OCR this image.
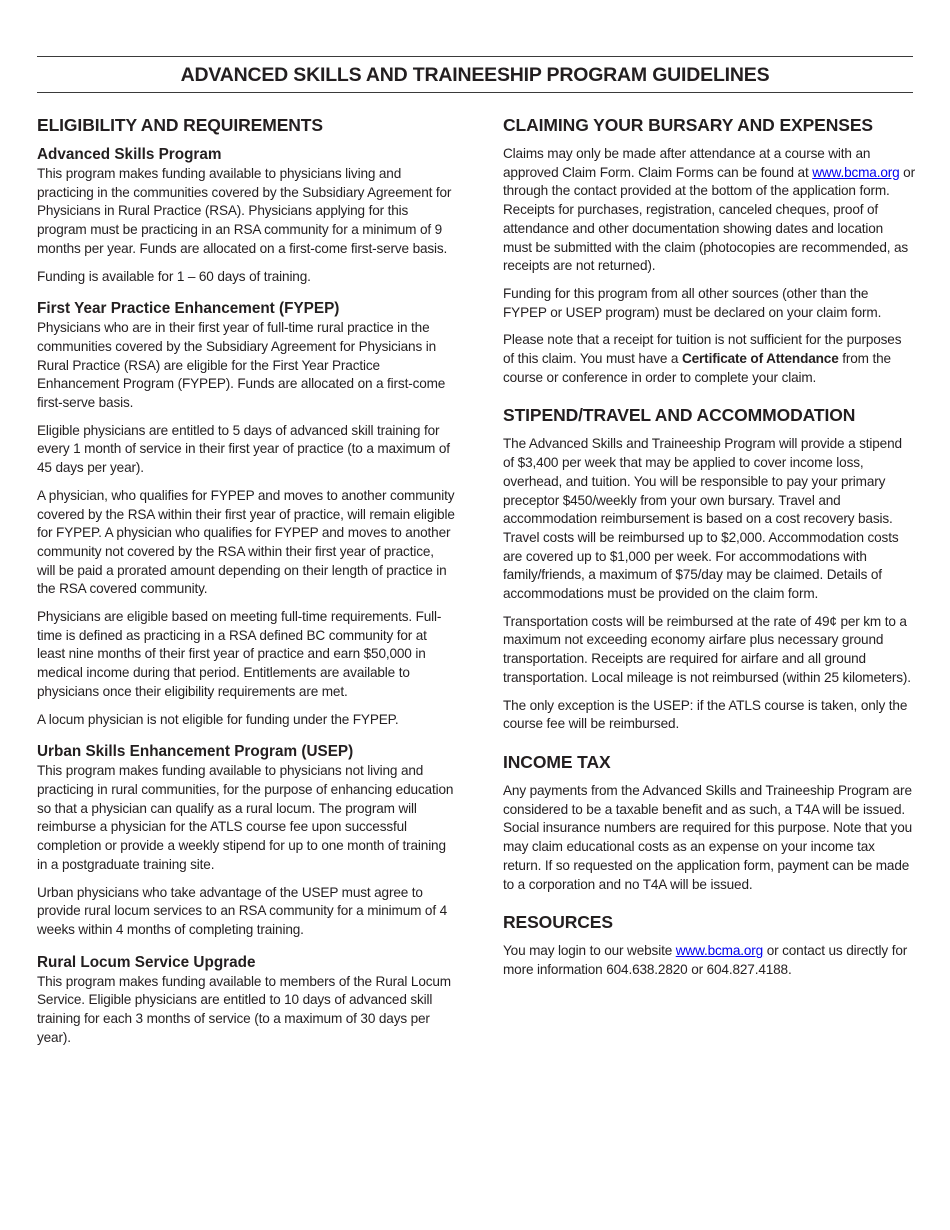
ADVANCED SKILLS AND TRAINEESHIP PROGRAM GUIDELINES
ELIGIBILITY AND REQUIREMENTS
Advanced Skills Program

This program makes funding available to physicians living and practicing in the communities covered by the Subsidiary Agreement for Physicians in Rural Practice (RSA). Physicians applying for this program must be practicing in an RSA community for a minimum of 9 months per year. Funds are allocated on a first-come first-serve basis.

Funding is available for 1 – 60 days of training.

First Year Practice Enhancement (FYPEP)

Physicians who are in their first year of full-time rural practice in the communities covered by the Subsidiary Agreement for Physicians in Rural Practice (RSA) are eligible for the First Year Practice Enhancement Program (FYPEP). Funds are allocated on a first-come first-serve basis.

Eligible physicians are entitled to 5 days of advanced skill training for every 1 month of service in their first year of practice (to a maximum of 45 days per year).

A physician, who qualifies for FYPEP and moves to another community covered by the RSA within their first year of practice, will remain eligible for FYPEP. A physician who qualifies for FYPEP and moves to another community not covered by the RSA within their first year of practice, will be paid a prorated amount depending on their length of practice in the RSA covered community.

Physicians are eligible based on meeting full-time requirements. Full-time is defined as practicing in a RSA defined BC community for at least nine months of their first year of practice and earn $50,000 in medical income during that period. Entitlements are available to physicians once their eligibility requirements are met.

A locum physician is not eligible for funding under the FYPEP.

Urban Skills Enhancement Program (USEP)

This program makes funding available to physicians not living and practicing in rural communities, for the purpose of enhancing education so that a physician can qualify as a rural locum. The program will reimburse a physician for the ATLS course fee upon successful completion or provide a weekly stipend for up to one month of training in a postgraduate training site.

Urban physicians who take advantage of the USEP must agree to provide rural locum services to an RSA community for a minimum of 4 weeks within 4 months of completing training.

Rural Locum Service Upgrade

This program makes funding available to members of the Rural Locum Service. Eligible physicians are entitled to 10 days of advanced skill training for each 3 months of service (to a maximum of 30 days per year).

CLAIMING YOUR BURSARY AND EXPENSES

Claims may only be made after attendance at a course with an approved Claim Form. Claim Forms can be found at www.bcma.org or through the contact provided at the bottom of the application form. Receipts for purchases, registration, canceled cheques, proof of attendance and other documentation showing dates and location must be submitted with the claim (photocopies are recommended, as receipts are not returned).

Funding for this program from all other sources (other than the FYPEP or USEP program) must be declared on your claim form.

Please note that a receipt for tuition is not sufficient for the purposes of this claim. You must have a Certificate of Attendance from the course or conference in order to complete your claim.

STIPEND/TRAVEL AND ACCOMMODATION

The Advanced Skills and Traineeship Program will provide a stipend of $3,400 per week that may be applied to cover income loss, overhead, and tuition. You will be responsible to pay your primary preceptor $450/weekly from your own bursary. Travel and accommodation reimbursement is based on a cost recovery basis. Travel costs will be reimbursed up to $2,000. Accommodation costs are covered up to $1,000 per week. For accommodations with family/friends, a maximum of $75/day may be claimed. Details of accommodations must be provided on the claim form.

Transportation costs will be reimbursed at the rate of 49¢ per km to a maximum not exceeding economy airfare plus necessary ground transportation. Receipts are required for airfare and all ground transportation. Local mileage is not reimbursed (within 25 kilometers).

The only exception is the USEP: if the ATLS course is taken, only the course fee will be reimbursed.

INCOME TAX

Any payments from the Advanced Skills and Traineeship Program are considered to be a taxable benefit and as such, a T4A will be issued. Social insurance numbers are required for this purpose. Note that you may claim educational costs as an expense on your income tax return. If so requested on the application form, payment can be made to a corporation and no T4A will be issued.

RESOURCES

You may login to our website www.bcma.org or contact us directly for more information 604.638.2820 or 604.827.4188.
